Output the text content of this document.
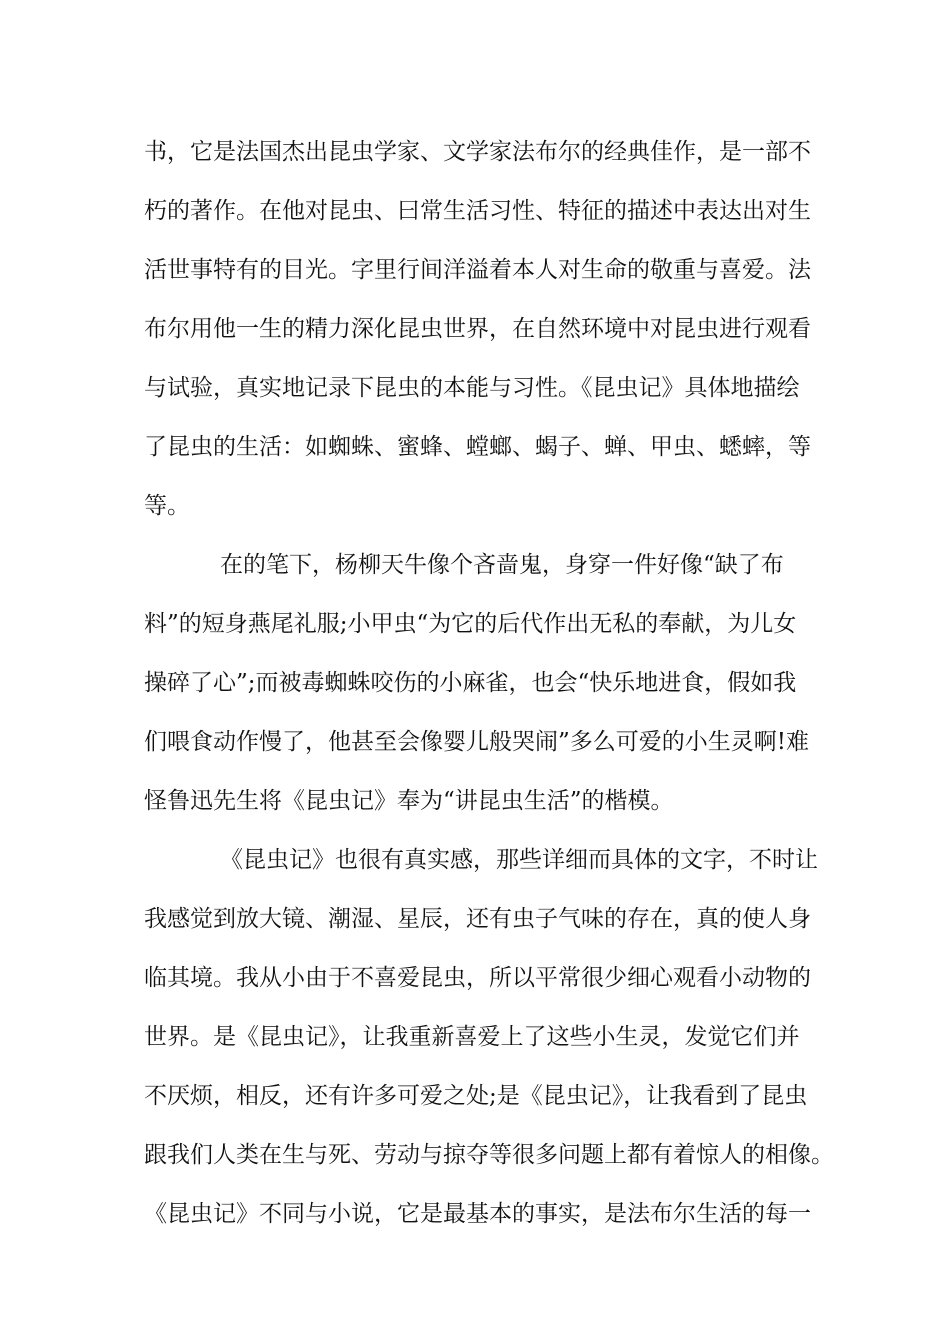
书，它是法国杰出昆虫学家、文学家法布尔的经典佳作，是一部不
朽的著作。在他对昆虫、曰常生活习性、特征的描述中表达出对生
活世事特有的目光。字里行间洋溢着本人对生命的敬重与喜爱。法
布尔用他一生的精力深化昆虫世界，在自然环境中对昆虫进行观看
与试验，真实地记录下昆虫的本能与习性。《昆虫记》具体地描绘
了昆虫的生活：如蜘蛛、蜜蜂、螳螂、蝎子、蝉、甲虫、蟋蟀，等
等。
在的笔下，杨柳天牛像个吝啬鬼，身穿一件好像“缺了布
料”的短身燕尾礼服;小甲虫“为它的后代作出无私的奉献，为儿女
操碎了心”;而被毒蜘蛛咬伤的小麻雀，也会“快乐地进食，假如我
们喂食动作慢了，他甚至会像婴儿般哭闹”多么可爱的小生灵啊!难
怪鲁迅先生将《昆虫记》奉为“讲昆虫生活”的楷模。
《昆虫记》也很有真实感，那些详细而具体的文字，不时让
我感觉到放大镜、潮湿、星辰，还有虫子气味的存在，真的使人身
临其境。我从小由于不喜爱昆虫，所以平常很少细心观看小动物的
世界。是《昆虫记》，让我重新喜爱上了这些小生灵，发觉它们并
不厌烦，相反，还有许多可爱之处;是《昆虫记》，让我看到了昆虫
跟我们人类在生与死、劳动与掠夺等很多问题上都有着惊人的相像。
《昆虫记》不同与小说，它是最基本的事实，是法布尔生活的每一
